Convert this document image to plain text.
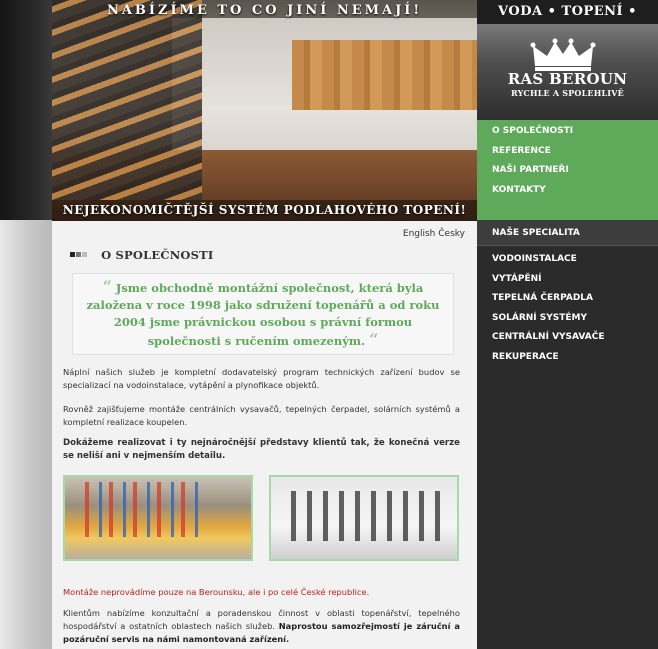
NABÍZÍME TO CO JINÍ NEMAJÍ!
NEJEKONOMIČTĚJŠÍ SYSTÉM PODLAHOVÉHO TOPENÍ!
VODA • TOPENÍ •
RAS BEROUN
RYCHLE A SPOLEHLIVĚ
O SPOLEČNOSTI
REFERENCE
NAŠI PARTNEŘI
KONTAKTY
NAŠE SPECIALITA
VODOINSTALACE
VYTÁPĚNÍ
TEPELNÁ ČERPADLA
SOLÁRNÍ SYSTÉMY
CENTRÁLNÍ VYSAVAČE
REKUPERACE
English Česky
O SPOLEČNOSTI
“ Jsme obchodně montážní společnost, která byla založena v roce 1998 jako sdružení topenářů a od roku 2004 jsme právnickou osobou s právní formou společnosti s ručením omezeným. “

Náplní našich služeb je kompletní dodavatelský program technických zařízení budov se specializací na vodoinstalace, vytápění a plynofikace objektů.

Rovněž zajišťujeme montáže centrálních vysavačů, tepelných čerpadel, solárních systémů a kompletní realizace koupelen.

Dokážeme realizovat i ty nejnáročnější představy klientů tak, že konečná verze se neliší ani v nejmenším detailu.

Montáže neprovádíme pouze na Berounsku, ale i po celé České republice.

Klientům nabízíme konzultační a poradenskou činnost v oblasti topenářství, tepelného hospodářství a ostatních oblastech našich služeb. Naprostou samozřejmostí je záruční a pozáruční servis na námi namontovaná zařízení.
